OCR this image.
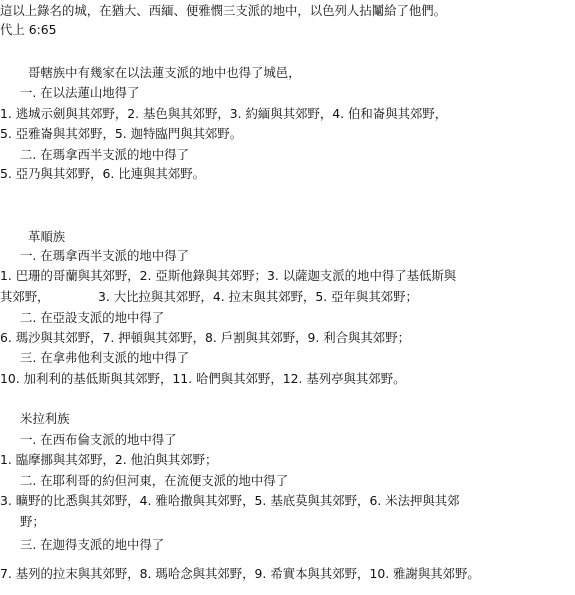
這以上錄名的城，在猶大、西緬、便雅憫三支派的地中，以色列人拈鬮給了他們。
代上 6:65
哥轄族中有幾家在以法蓮支派的地中也得了城邑，
一. 在以法蓮山地得了
1. 逃城示劍與其郊野，2. 基色與其郊野，3. 約緬與其郊野，4. 伯和崙與其郊野，
5. 亞雅崙與其郊野，5. 迦特臨門與其郊野。
二. 在瑪拿西半支派的地中得了
5. 亞乃與其郊野，6. 比連與其郊野。
革順族
一. 在瑪拿西半支派的地中得了
1. 巴珊的哥蘭與其郊野，2. 亞斯他錄與其郊野；3. 以薩迦支派的地中得了基低斯與
其郊野，	3. 大比拉與其郊野，4. 拉末與其郊野，5. 亞年與其郊野；
二. 在亞設支派的地中得了
6. 瑪沙與其郊野，7. 押頓與其郊野，8. 戶割與其郊野，9. 利合與其郊野；
三. 在拿弗他利支派的地中得了
10. 加利利的基低斯與其郊野，11. 哈們與其郊野，12. 基列亭與其郊野。
米拉利族
一. 在西布倫支派的地中得了
1. 臨摩挪與其郊野，2. 他泊與其郊野；
二. 在耶利哥的約但河東，在流便支派的地中得了
3. 曠野的比悉與其郊野，4. 雅哈撒與其郊野，5. 基底莫與其郊野，6. 米法押與其郊
野；
三. 在迦得支派的地中得了
7. 基列的拉末與其郊野，8. 瑪哈念與其郊野，9. 希實本與其郊野，10. 雅謝與其郊野。
